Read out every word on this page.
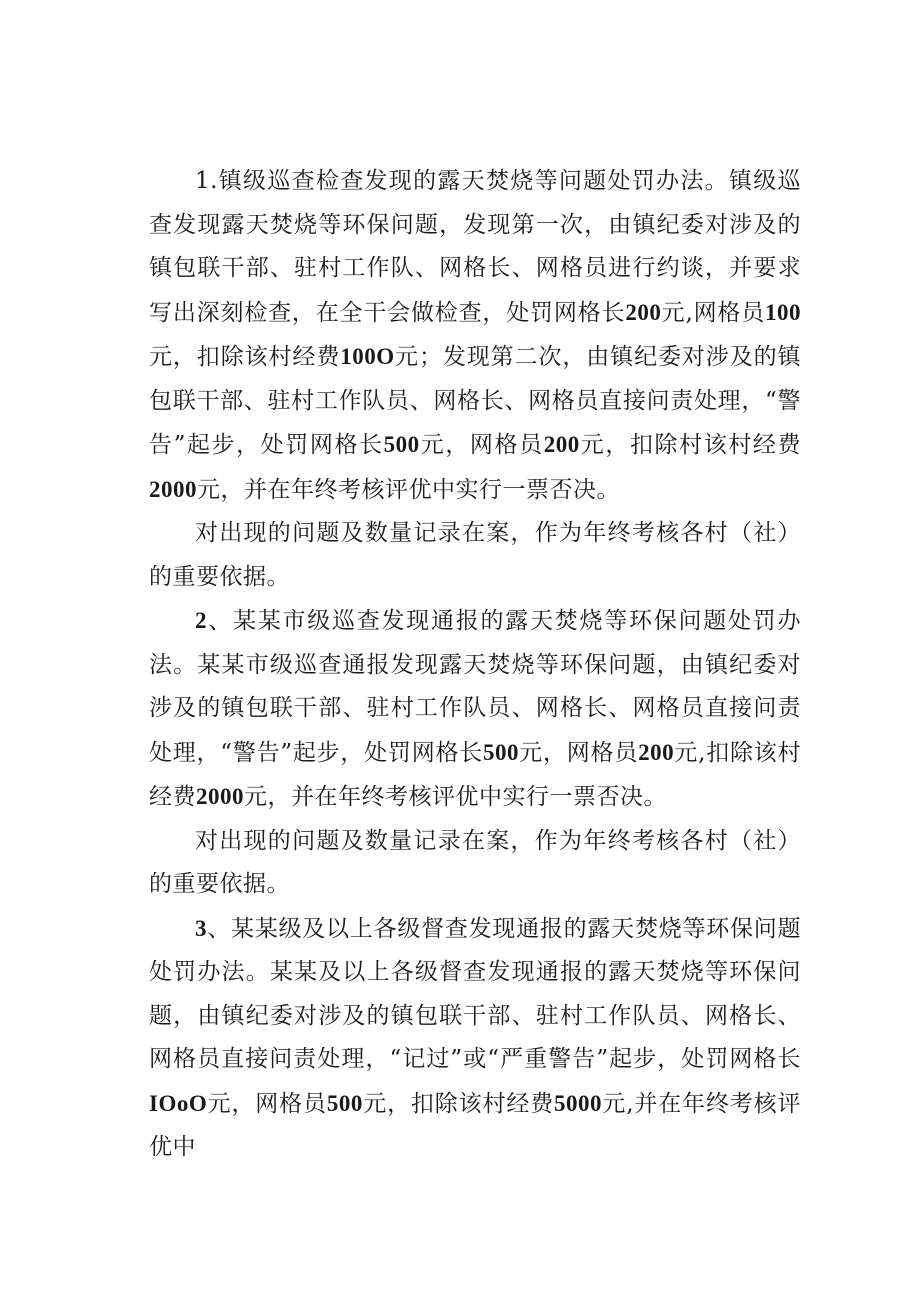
1.镇级巡查检查发现的露天焚烧等问题处罚办法。镇级巡查发现露天焚烧等环保问题，发现第一次，由镇纪委对涉及的镇包联干部、驻村工作队、网格长、网格员进行约谈，并要求写出深刻检查，在全干会做检查，处罚网格长200元,网格员100元，扣除该村经费100O元；发现第二次，由镇纪委对涉及的镇包联干部、驻村工作队员、网格长、网格员直接问责处理，“警告”起步，处罚网格长500元，网格员200元，扣除村该村经费2000元，并在年终考核评优中实行一票否决。

对出现的问题及数量记录在案，作为年终考核各村（社）的重要依据。

2、某某市级巡查发现通报的露天焚烧等环保问题处罚办法。某某市级巡查通报发现露天焚烧等环保问题，由镇纪委对涉及的镇包联干部、驻村工作队员、网格长、网格员直接问责处理，“警告”起步，处罚网格长500元，网格员200元,扣除该村经费2000元，并在年终考核评优中实行一票否决。

对出现的问题及数量记录在案，作为年终考核各村（社）的重要依据。

3、某某级及以上各级督查发现通报的露天焚烧等环保问题处罚办法。某某及以上各级督查发现通报的露天焚烧等环保问题，由镇纪委对涉及的镇包联干部、驻村工作队员、网格长、网格员直接问责处理，“记过”或“严重警告”起步，处罚网格长IOoO元，网格员500元，扣除该村经费5000元,并在年终考核评优中
